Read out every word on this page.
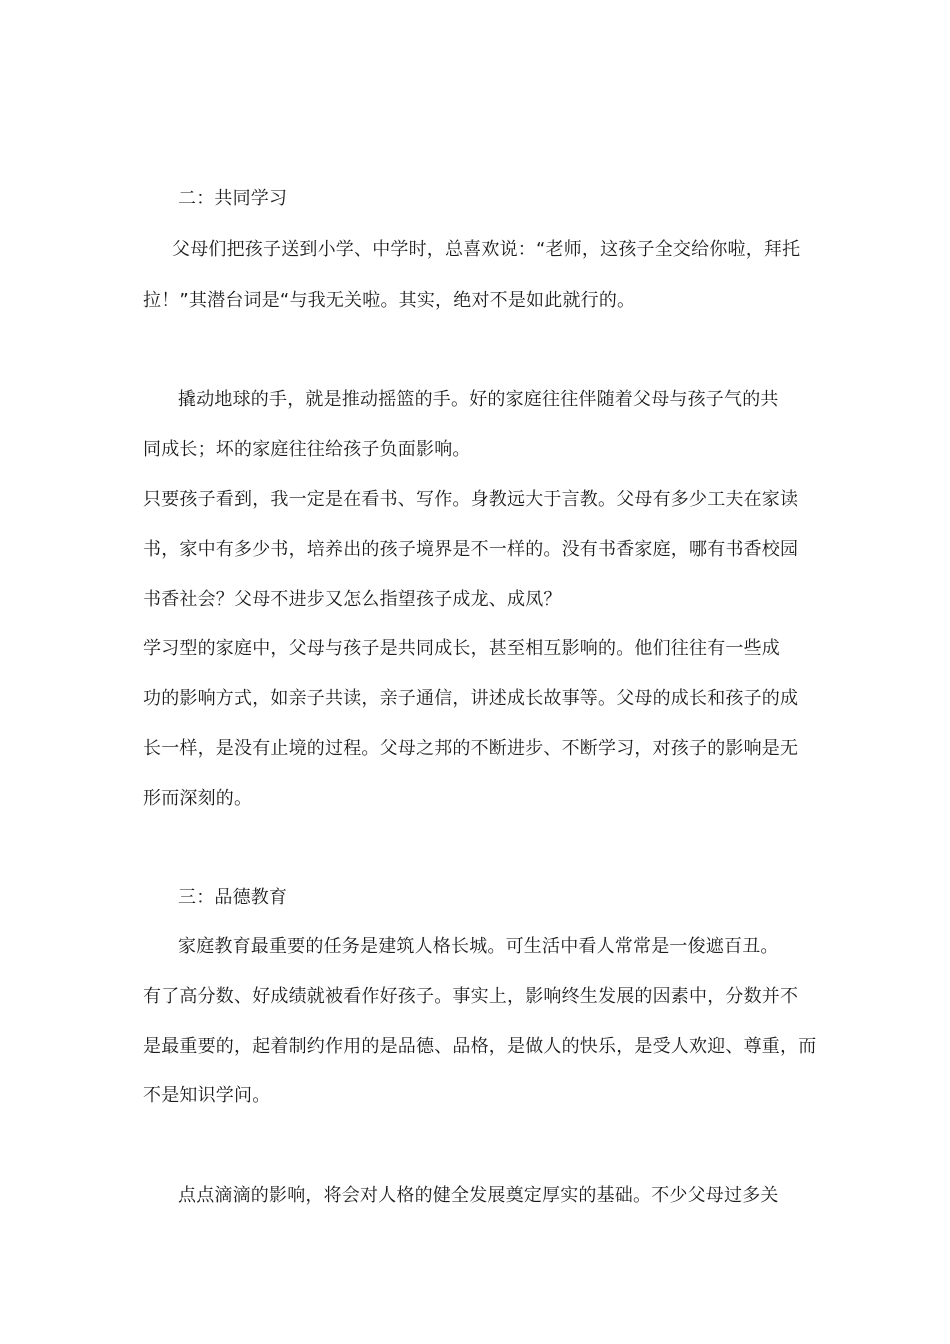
二：共同学习
父母们把孩子送到小学、中学时，总喜欢说：“老师，这孩子全交给你啦，拜托
拉！”其潜台词是“与我无关啦。其实，绝对不是如此就行的。
撬动地球的手，就是推动摇篮的手。好的家庭往往伴随着父母与孩子气的共
同成长；坏的家庭往往给孩子负面影响。
只要孩子看到，我一定是在看书、写作。身教远大于言教。父母有多少工夫在家读
书，家中有多少书，培养出的孩子境界是不一样的。没有书香家庭，哪有书香校园
书香社会？父母不进步又怎么指望孩子成龙、成凤？
学习型的家庭中，父母与孩子是共同成长，甚至相互影响的。他们往往有一些成
功的影响方式，如亲子共读，亲子通信，讲述成长故事等。父母的成长和孩子的成
长一样，是没有止境的过程。父母之邦的不断进步、不断学习，对孩子的影响是无
形而深刻的。
三：品德教育
家庭教育最重要的任务是建筑人格长城。可生活中看人常常是一俊遮百丑。
有了高分数、好成绩就被看作好孩子。事实上，影响终生发展的因素中，分数并不
是最重要的，起着制约作用的是品德、品格，是做人的快乐，是受人欢迎、尊重，而
不是知识学问。
点点滴滴的影响，将会对人格的健全发展奠定厚实的基础。不少父母过多关
